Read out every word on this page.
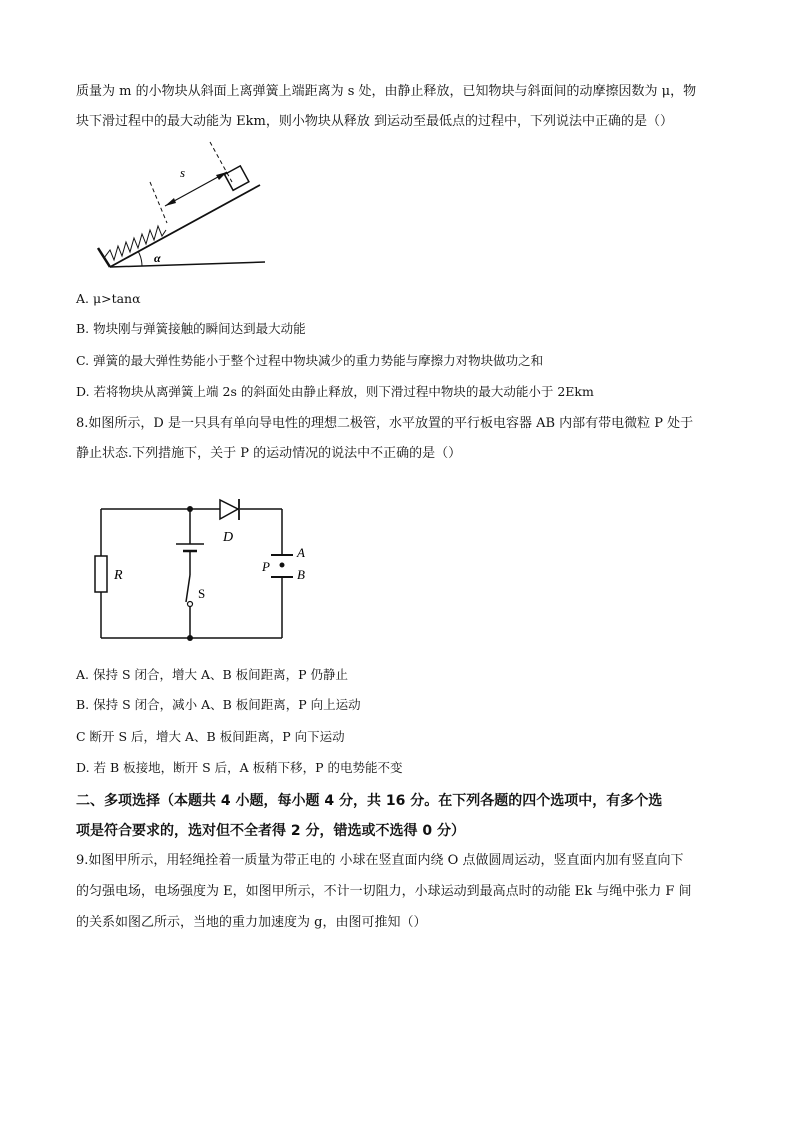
质量为 m 的小物块从斜面上离弹簧上端距离为 s 处，由静止释放，已知物块与斜面间的动摩擦因数为 μ，物
块下滑过程中的最大动能为 Ekm，则小物块从释放 到运动至最低点的过程中，下列说法中正确的是（）
s
α
A. μ>tanα
B. 物块刚与弹簧接触的瞬间达到最大动能
C. 弹簧的最大弹性势能小于整个过程中物块减少的重力势能与摩擦力对物块做功之和
D. 若将物块从离弹簧上端 2s 的斜面处由静止释放，则下滑过程中物块的最大动能小于 2Ekm
8.如图所示，D 是一只具有单向导电性的理想二极管，水平放置的平行板电容器 AB 内部有带电微粒 P 处于
静止状态.下列措施下，关于 P 的运动情况的说法中不正确的是（）
R
D
S
A
B
P
A. 保持 S 闭合，增大 A、B 板间距离，P 仍静止
B. 保持 S 闭合，减小 A、B 板间距离，P 向上运动
C 断开 S 后，增大 A、B 板间距离，P 向下运动
D. 若 B 板接地，断开 S 后，A 板稍下移，P 的电势能不变
二、多项选择（本题共 4 小题，每小题 4 分，共 16 分。在下列各题的四个选项中，有多个选
项是符合要求的，选对但不全者得 2 分，错选或不选得 0 分）
9.如图甲所示，用轻绳拴着一质量为带正电的 小球在竖直面内绕 O 点做圆周运动，竖直面内加有竖直向下
的匀强电场，电场强度为 E，如图甲所示，不计一切阻力，小球运动到最高点时的动能 Ek 与绳中张力 F 间
的关系如图乙所示，当地的重力加速度为 g，由图可推知（）
